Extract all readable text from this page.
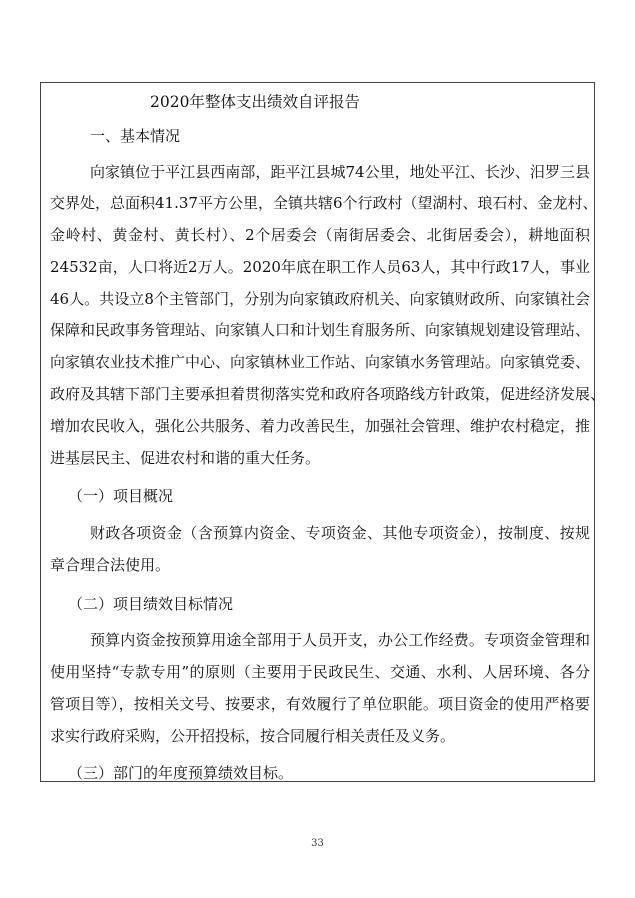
2020年整体支出绩效自评报告
一、基本情况
向家镇位于平江县西南部，距平江县城74公里，地处平江、长沙、汨罗三县
交界处，总面积41.37平方公里，全镇共辖6个行政村（望湖村、琅石村、金龙村、
金岭村、黄金村、黄长村）、2个居委会（南街居委会、北街居委会），耕地面积
24532亩，人口将近2万人。2020年底在职工作人员63人，其中行政17人，事业
46人。共设立8个主管部门，分别为向家镇政府机关、向家镇财政所、向家镇社会
保障和民政事务管理站、向家镇人口和计划生育服务所、向家镇规划建设管理站、
向家镇农业技术推广中心、向家镇林业工作站、向家镇水务管理站。向家镇党委、
政府及其辖下部门主要承担着贯彻落实党和政府各项路线方针政策，促进经济发展、
增加农民收入，强化公共服务、着力改善民生，加强社会管理、维护农村稳定，推
进基层民主、促进农村和谐的重大任务。
（一）项目概况
财政各项资金（含预算内资金、专项资金、其他专项资金），按制度、按规
章合理合法使用。
（二）项目绩效目标情况
预算内资金按预算用途全部用于人员开支，办公工作经费。专项资金管理和
使用坚持“专款专用”的原则（主要用于民政民生、交通、水利、人居环境、各分
管项目等），按相关文号、按要求，有效履行了单位职能。项目资金的使用严格要
求实行政府采购，公开招投标，按合同履行相关责任及义务。
（三）部门的年度预算绩效目标。
33
